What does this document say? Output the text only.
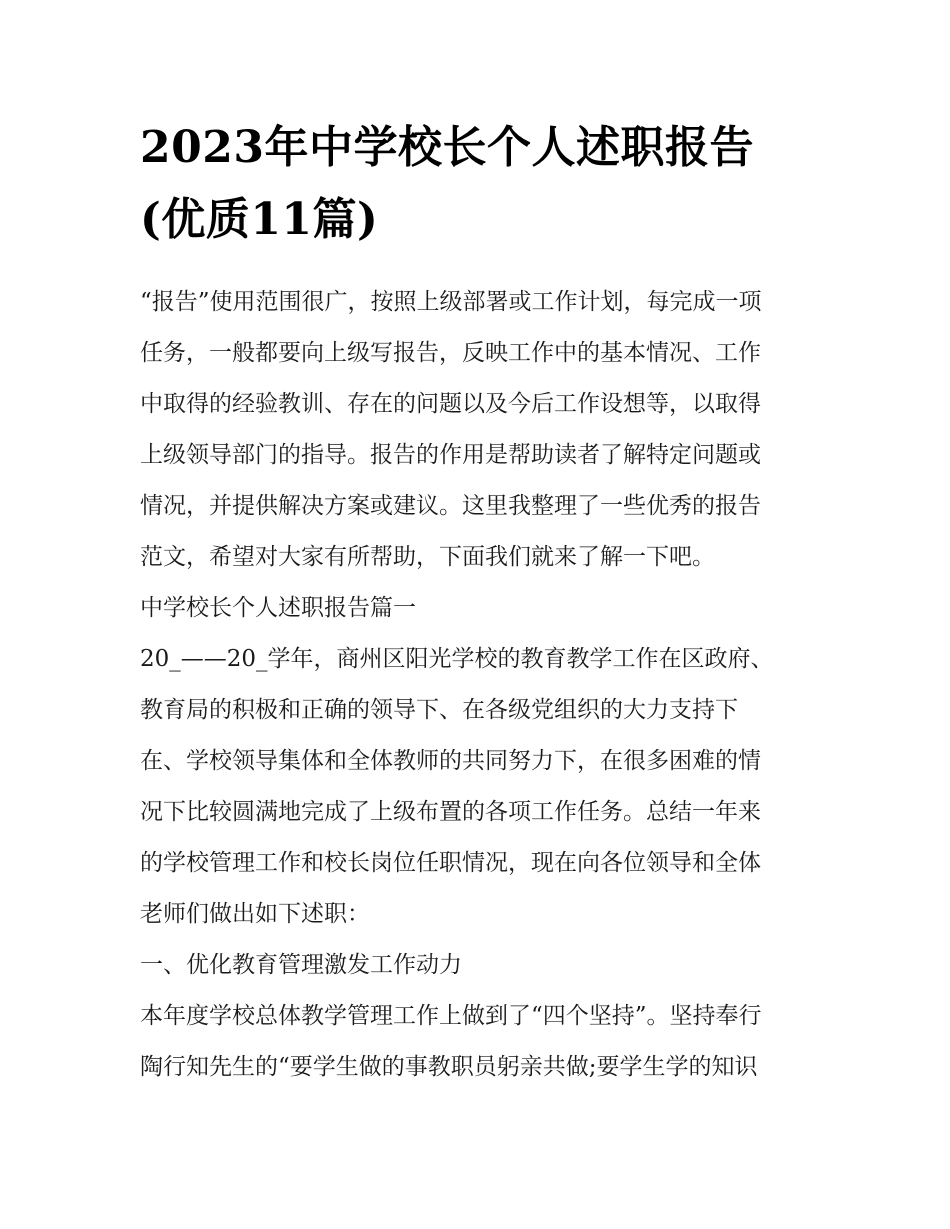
2023年中学校长个人述职报告
(优质11篇)

“报告”使用范围很广，按照上级部署或工作计划，每完成一项

任务，一般都要向上级写报告，反映工作中的基本情况、工作

中取得的经验教训、存在的问题以及今后工作设想等，以取得

上级领导部门的指导。报告的作用是帮助读者了解特定问题或

情况，并提供解决方案或建议。这里我整理了一些优秀的报告

范文，希望对大家有所帮助，下面我们就来了解一下吧。

中学校长个人述职报告篇一

20_——20_学年，商州区阳光学校的教育教学工作在区政府、

教育局的积极和正确的领导下、在各级党组织的大力支持下

在、学校领导集体和全体教师的共同努力下，在很多困难的情

况下比较圆满地完成了上级布置的各项工作任务。总结一年来

的学校管理工作和校长岗位任职情况，现在向各位领导和全体

老师们做出如下述职：

一、优化教育管理激发工作动力

本年度学校总体教学管理工作上做到了“四个坚持”。坚持奉行

陶行知先生的“要学生做的事教职员躬亲共做;要学生学的知识
